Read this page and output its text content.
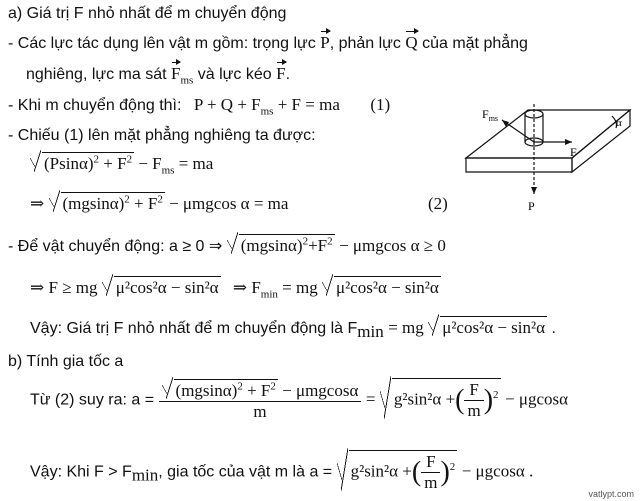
a) Giá trị F nhỏ nhất để m chuyển động
- Các lực tác dụng lên vật m gồm: trọng lực P, phản lực Q của mặt phẳng
nghiêng, lực ma sát $F_{ms}$ và lực kéo F.
- Khi m chuyển động thì: $P + Q + F_{ms} + F$ = ma (1)
- Chiếu (1) lên mặt phẳng nghiêng ta được:
$(Psin\alpha)^2 + F^2 - F_{ms}$ = ma
⇒ $(mgsin\alpha)^2 + F^2 - \mu mgcos$ α = ma	(2)
- Để vật chuyển động: a ≥ 0 ⇒ $(mgsin\alpha)^2+F^2 - \mu mgcos$ α ≥ 0
⇒ F ≥ mg μ²cos²α − sin²α ⇒ $F_{min}$ = mg μ²cos²α − sin²α
Vậy: Giá trị F nhỏ nhất để m chuyển động là $F_{min}$ = mg μ²cos²α − sin²α .
b) Tính gia tốc a
Từ (2) suy ra: $a = \frac{(mgsin\alpha)^2 + F^2 - \mu mgcos\alpha}{m} = g^2\sin^2\alpha$ +( $\frac{F}{m} )^2 - \mu gcos\alpha$
Vậy: Khi $F > F_{min}$, gia tốc của vật m là a = g²sin²α +( $\frac{F}{m} )^2 - \mu gcos\alpha$ .
$F_{ms}$
F
P
α
vatlypt.com
